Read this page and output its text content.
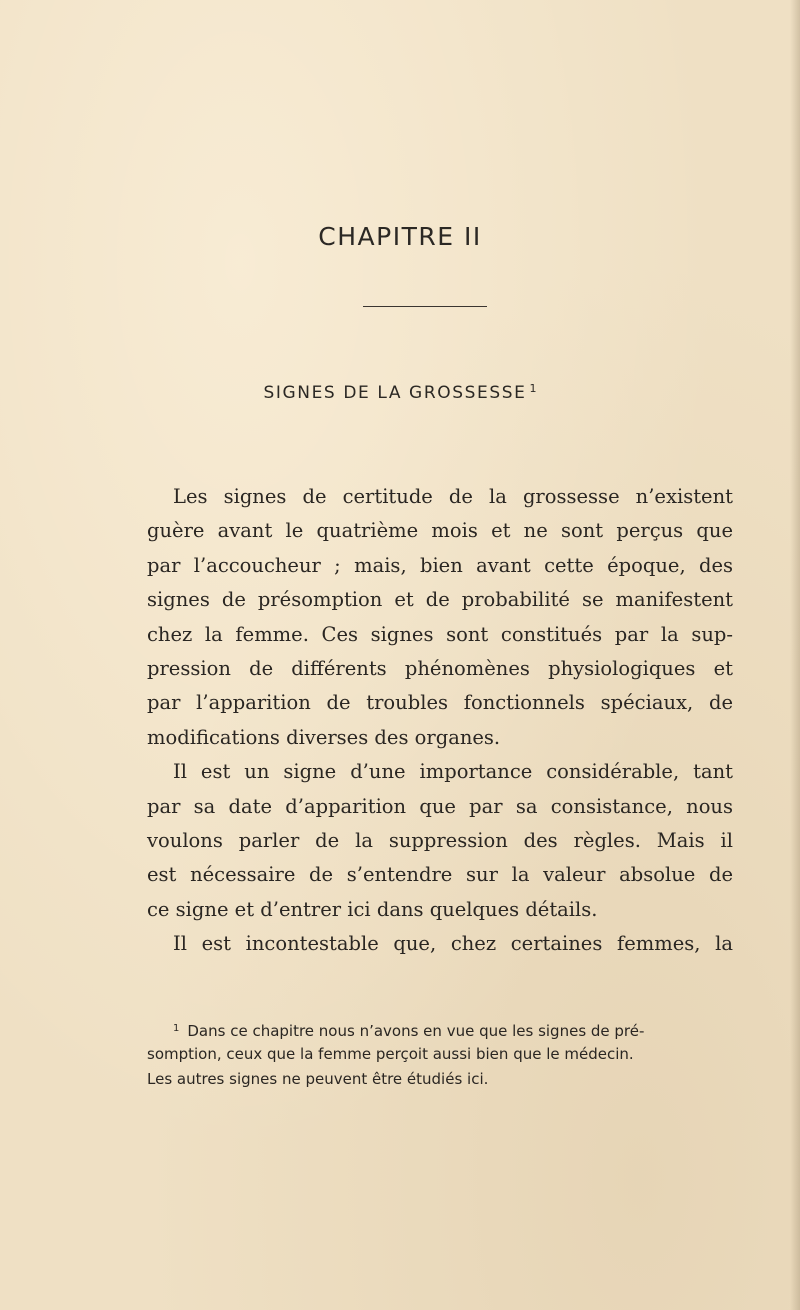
CHAPITRE II
SIGNES DE LA GROSSESSE $^1$
Les signes de certitude de la grossesse n’existent
guère avant le quatrième mois et ne sont perçus que
par l’accoucheur ; mais, bien avant cette époque, des
signes de présomption et de probabilité se manifestent
chez la femme. Ces signes sont constitués par la sup-
pression de différents phénomènes physiologiques et
par l’apparition de troubles fonctionnels spéciaux, de
modifications diverses des organes.
Il est un signe d’une importance considérable, tant
par sa date d’apparition que par sa consistance, nous
voulons parler de la suppression des règles. Mais il
est nécessaire de s’entendre sur la valeur absolue de
ce signe et d’entrer ici dans quelques détails.
Il est incontestable que, chez certaines femmes, la
$^1$ Dans ce chapitre nous n’avons en vue que les signes de pré-
somption, ceux que la femme perçoit aussi bien que le médecin.
Les autres signes ne peuvent être étudiés ici.
